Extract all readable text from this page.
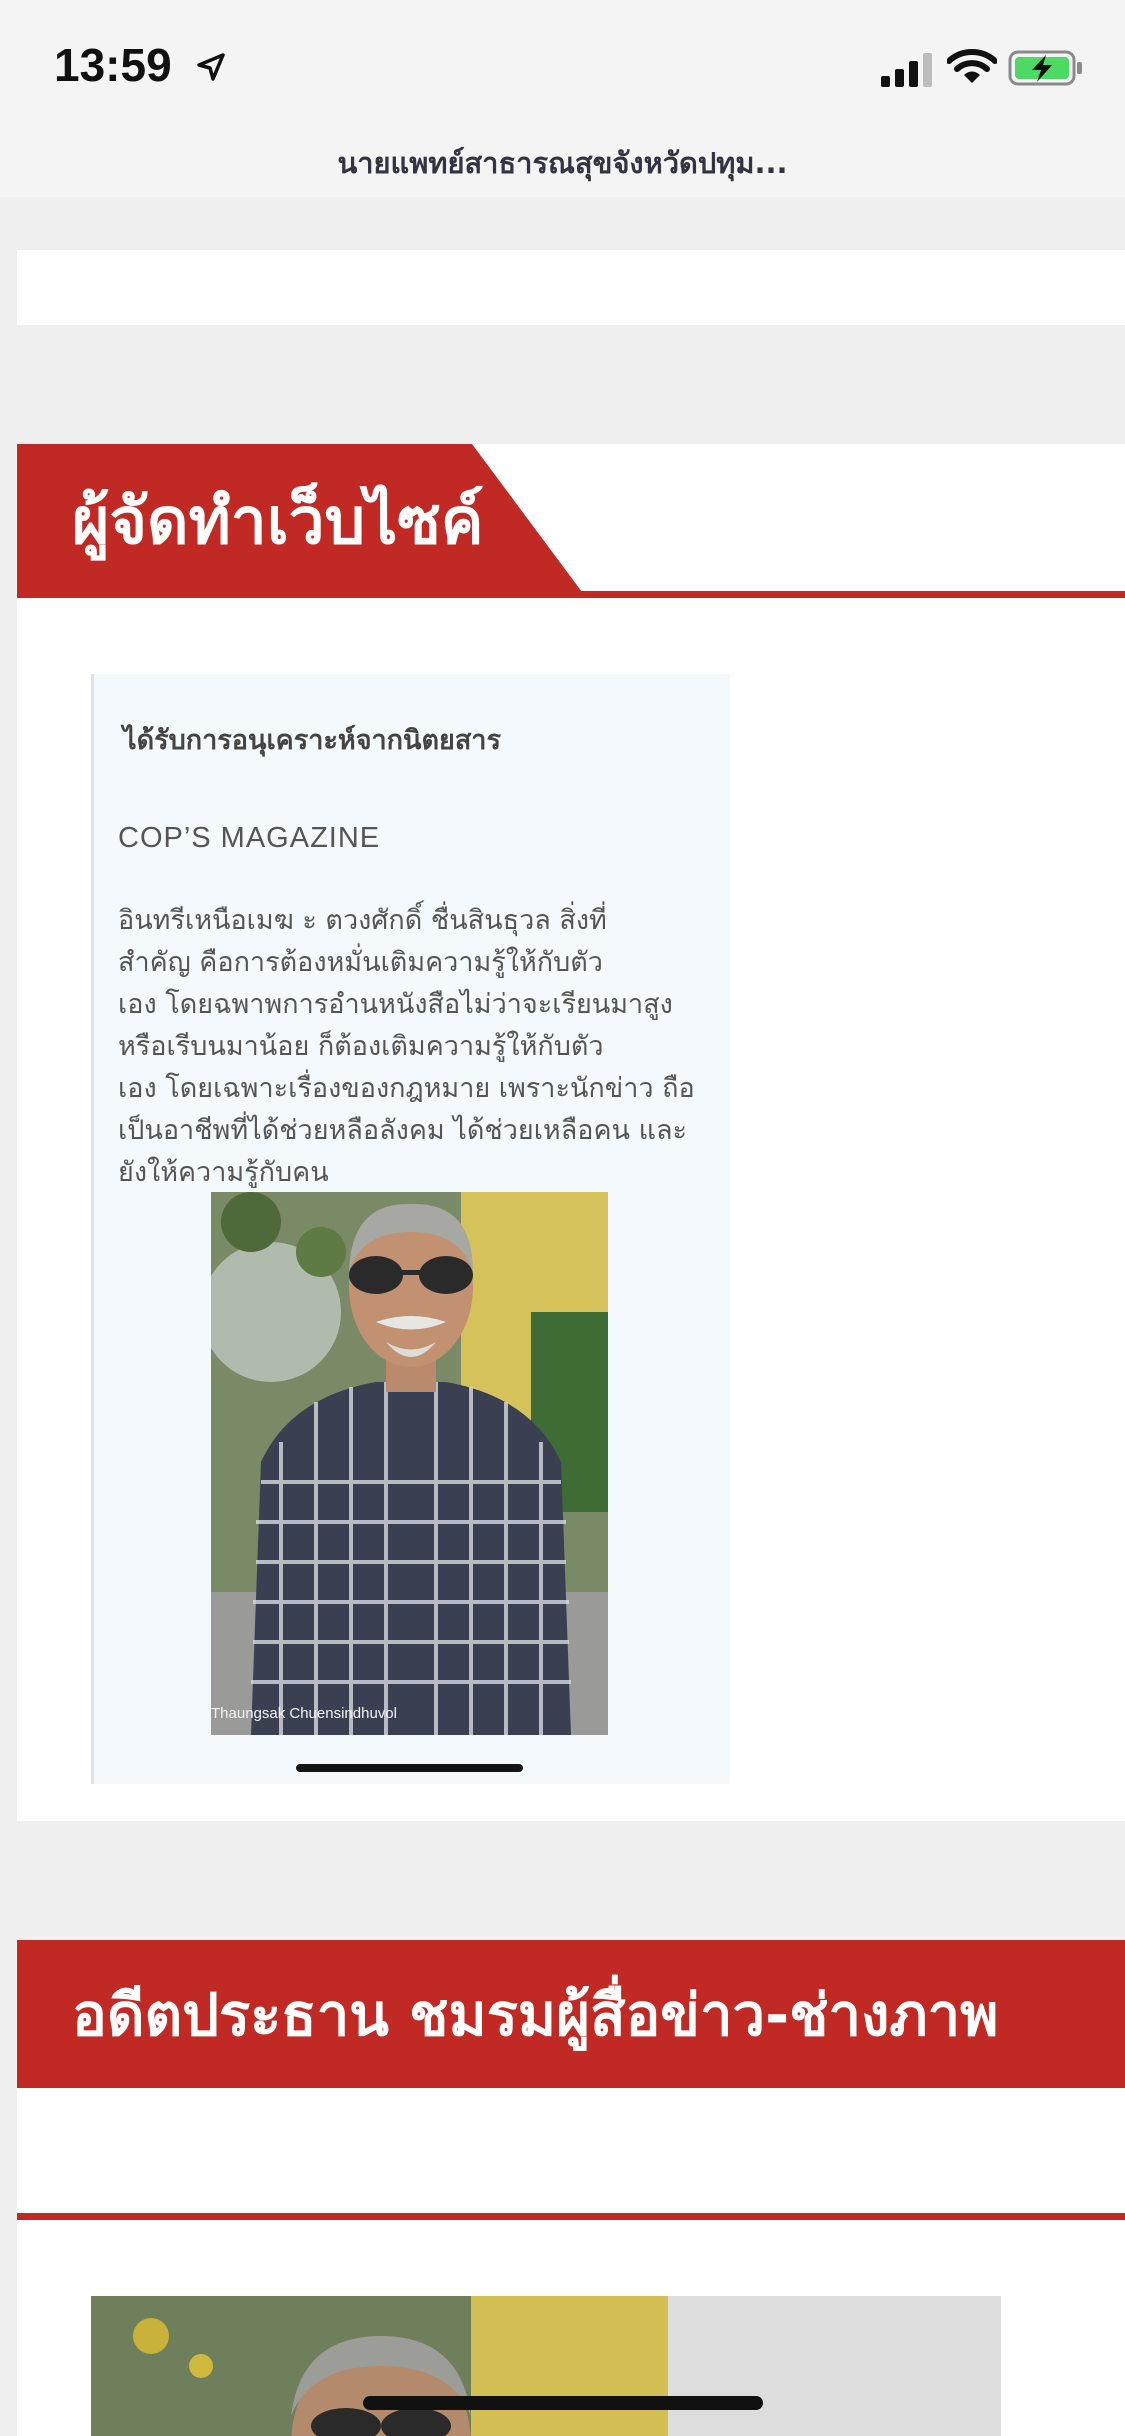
13:59
นายแพทย์สาธารณสุขจังหวัดปทุม...
ผู้จัดทำเว็บไซค์
ได้รับการอนุเคราะห์จากนิตยสาร
COP’S MAGAZINE
อินทรีเหนือเมฆ ะ ตวงศักดิ์ ชื่นสินธุวล สิ่งที่
สำคัญ คือการต้องหมั่นเติมความรู้ให้กับตัว
เอง โดยฉพาพการอำนหนังสือไม่ว่าจะเรียนมาสูง
หรือเรีบนมาน้อย ก็ต้องเติมความรู้ให้กับตัว
เอง โดยเฉพาะเรื่องของกฎหมาย เพราะนักข่าว ถือ
เป็นอาชีพที่ได้ช่วยหลือลังคม ได้ช่วยเหลือคน และ
ยังให้ความรู้กับคน
Thaungsak Chuensindhuvol
อดีตประธาน ชมรมผู้สื่อข่าว-ช่างภาพ
